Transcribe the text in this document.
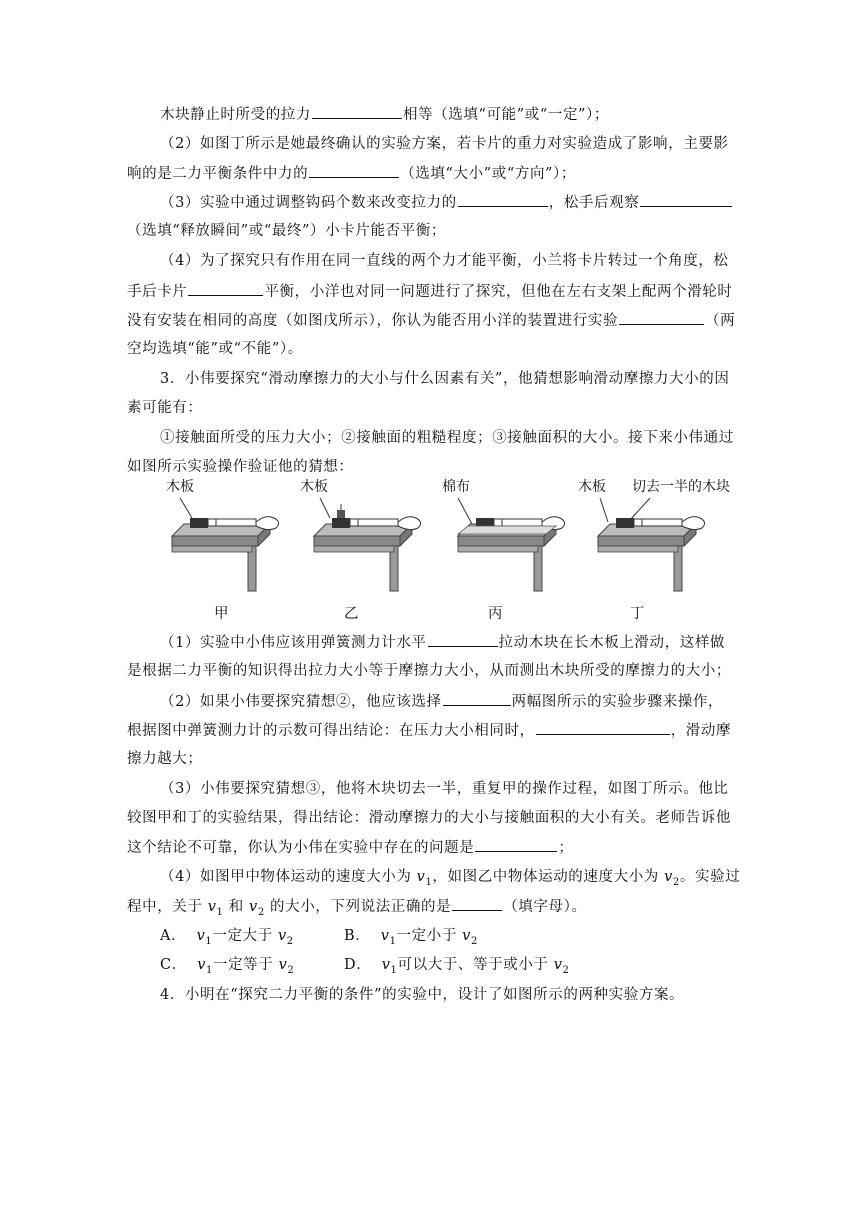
木块静止时所受的拉力	相等（选填“可能”或“一定”）；
（2）如图丁所示是她最终确认的实验方案，若卡片的重力对实验造成了影响，主要影
响的是二力平衡条件中力的	（选填“大小”或“方向”）；
（3）实验中通过调整钩码个数来改变拉力的	，松手后观察
（选填“释放瞬间”或“最终”）小卡片能否平衡；
（4）为了探究只有作用在同一直线的两个力才能平衡，小兰将卡片转过一个角度，松
手后卡片	平衡，小洋也对同一问题进行了探究，但他在左右支架上配两个滑轮时
没有安装在相同的高度（如图戊所示），你认为能否用小洋的装置进行实验	（两
空均选填“能”或“不能”）。
3．小伟要探究“滑动摩擦力的大小与什么因素有关”，他猜想影响滑动摩擦力大小的因
素可能有：
①接触面所受的压力大小；②接触面的粗糙程度；③接触面积的大小。接下来小伟通过
如图所示实验操作验证他的猜想：
木板	木板	棉布	木板 切去一半的木块
甲	乙	丙	丁
（1）实验中小伟应该用弹簧测力计水平	拉动木块在长木板上滑动，这样做
是根据二力平衡的知识得出拉力大小等于摩擦力大小，从而测出木块所受的摩擦力的大小；
（2）如果小伟要探究猜想②，他应该选择	两幅图所示的实验步骤来操作，
根据图中弹簧测力计的示数可得出结论：在压力大小相同时，	，滑动摩
擦力越大；
（3）小伟要探究猜想③，他将木块切去一半，重复甲的操作过程，如图丁所示。他比
较图甲和丁的实验结果，得出结论：滑动摩擦力的大小与接触面积的大小有关。老师告诉他
这个结论不可靠，你认为小伟在实验中存在的问题是	；
（4）如图甲中物体运动的速度大小为 $v_1$，如图乙中物体运动的速度大小为 $v_2$。实验过
程中，关于 $v_1$ 和 $v_2$ 的大小，下列说法正确的是	（填字母）。
A． $v_1$一定大于 $v_2$	B． $v_1$一定小于 $v_2$
C． $v_1$一定等于 $v_2$	D． $v_1$可以大于、等于或小于 $v_2$
4．小明在“探究二力平衡的条件”的实验中，设计了如图所示的两种实验方案。
